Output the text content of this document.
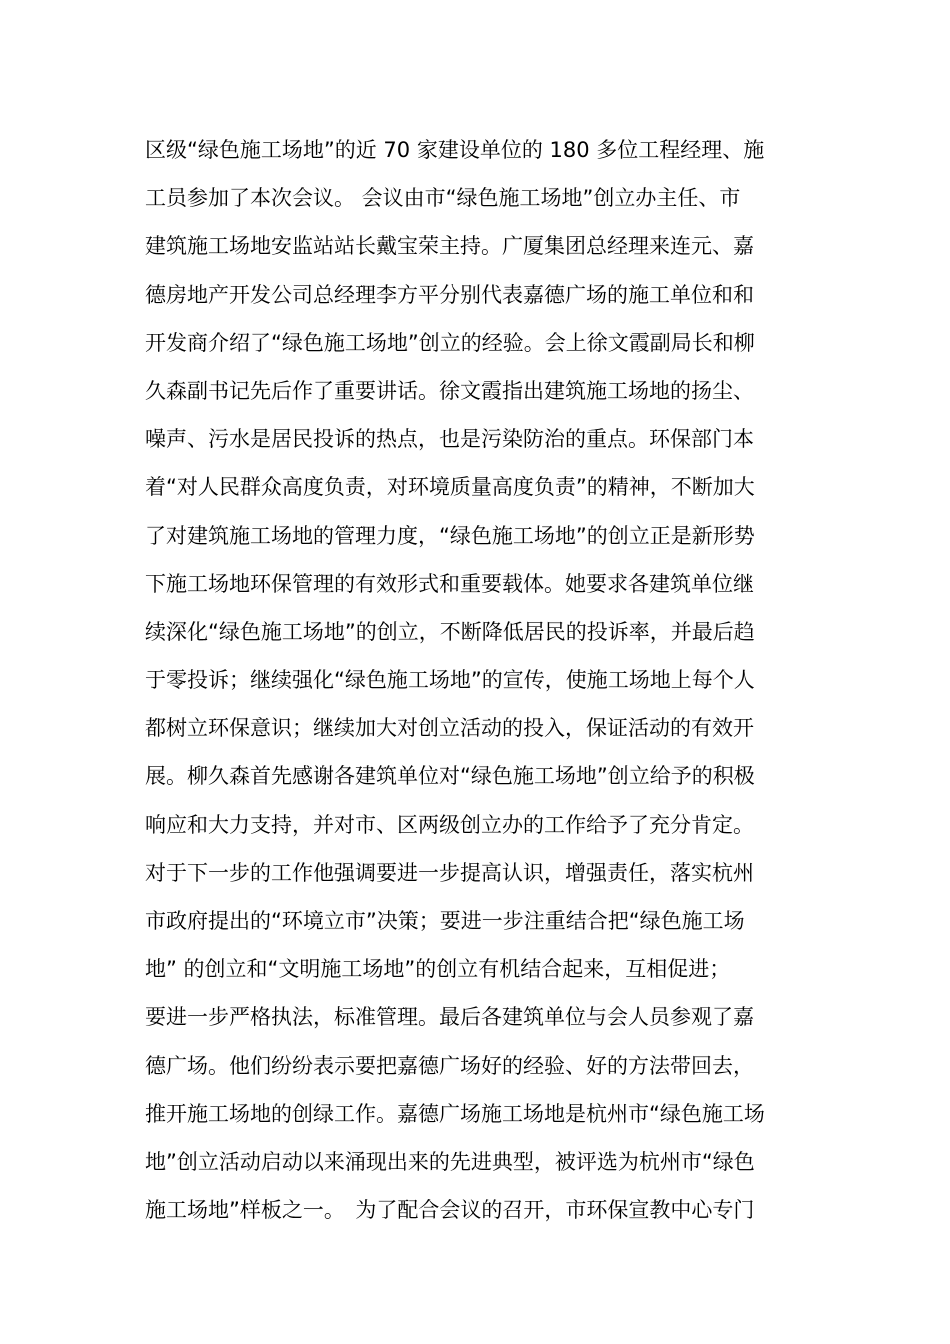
区级“绿色施工场地”的近 70 家建设单位的 180 多位工程经理、施
工员参加了本次会议。 会议由市“绿色施工场地”创立办主任、市
建筑施工场地安监站站长戴宝荣主持。广厦集团总经理来连元、嘉
德房地产开发公司总经理李方平分别代表嘉德广场的施工单位和和
开发商介绍了“绿色施工场地”创立的经验。会上徐文霞副局长和柳
久森副书记先后作了重要讲话。徐文霞指出建筑施工场地的扬尘、
噪声、污水是居民投诉的热点，也是污染防治的重点。环保部门本
着“对人民群众高度负责，对环境质量高度负责”的精神，不断加大
了对建筑施工场地的管理力度，“绿色施工场地”的创立正是新形势
下施工场地环保管理的有效形式和重要载体。她要求各建筑单位继
续深化“绿色施工场地”的创立，不断降低居民的投诉率，并最后趋
于零投诉；继续强化“绿色施工场地”的宣传，使施工场地上每个人
都树立环保意识；继续加大对创立活动的投入，保证活动的有效开
展。柳久森首先感谢各建筑单位对“绿色施工场地”创立给予的积极
响应和大力支持，并对市、区两级创立办的工作给予了充分肯定。
对于下一步的工作他强调要进一步提高认识，增强责任，落实杭州
市政府提出的“环境立市”决策；要进一步注重结合把“绿色施工场
地” 的创立和“文明施工场地”的创立有机结合起来，互相促进；
要进一步严格执法，标准管理。最后各建筑单位与会人员参观了嘉
德广场。他们纷纷表示要把嘉德广场好的经验、好的方法带回去，
推开施工场地的创绿工作。嘉德广场施工场地是杭州市“绿色施工场
地”创立活动启动以来涌现出来的先进典型，被评选为杭州市“绿色
施工场地”样板之一。　为了配合会议的召开，市环保宣教中心专门
